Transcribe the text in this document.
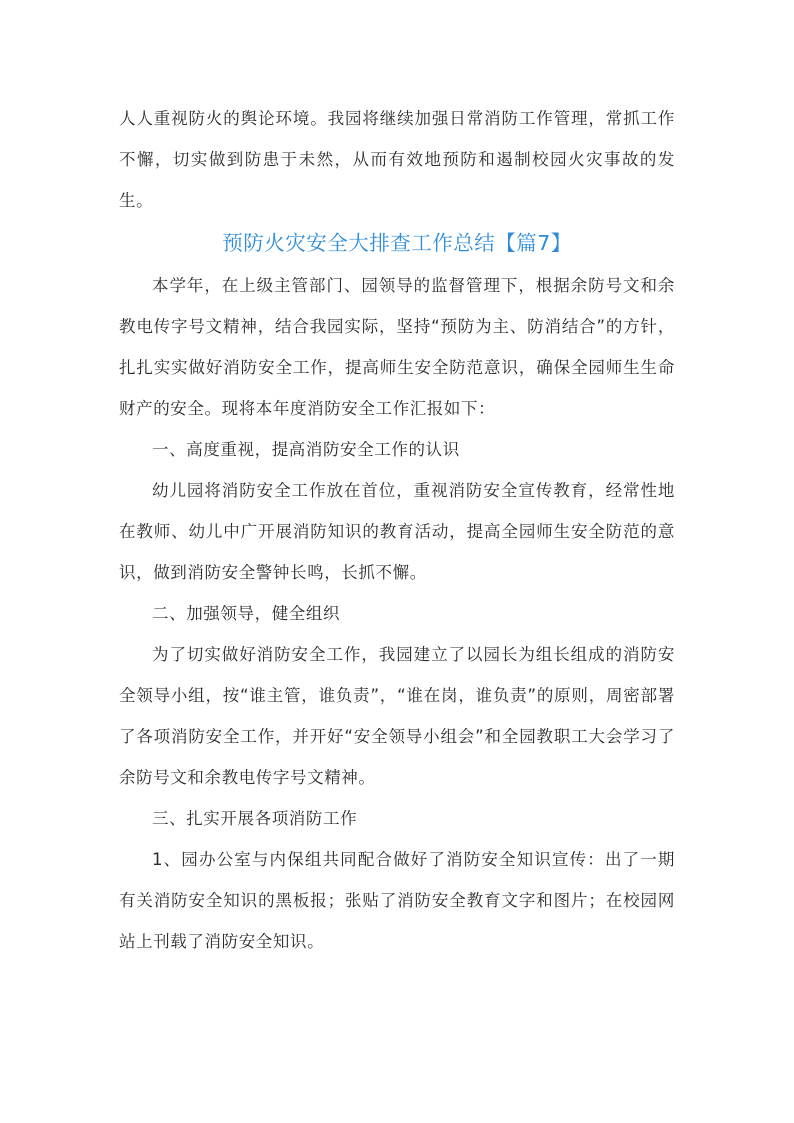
人人重视防火的舆论环境。我园将继续加强日常消防工作管理，常抓工作不懈，切实做到防患于未然，从而有效地预防和遏制校园火灾事故的发生。

预防火灾安全大排查工作总结【篇7】

本学年，在上级主管部门、园领导的监督管理下，根据余防号文和余教电传字号文精神，结合我园实际，坚持“预防为主、防消结合”的方针，扎扎实实做好消防安全工作，提高师生安全防范意识，确保全园师生生命财产的安全。现将本年度消防安全工作汇报如下：

一、高度重视，提高消防安全工作的认识

幼儿园将消防安全工作放在首位，重视消防安全宣传教育，经常性地在教师、幼儿中广开展消防知识的教育活动，提高全园师生安全防范的意识，做到消防安全警钟长鸣，长抓不懈。

二、加强领导，健全组织

为了切实做好消防安全工作，我园建立了以园长为组长组成的消防安全领导小组，按“谁主管，谁负责”，“谁在岗，谁负责”的原则，周密部署了各项消防安全工作，并开好“安全领导小组会”和全园教职工大会学习了余防号文和余教电传字号文精神。

三、扎实开展各项消防工作

1、园办公室与内保组共同配合做好了消防安全知识宣传：出了一期有关消防安全知识的黑板报；张贴了消防安全教育文字和图片；在校园网站上刊载了消防安全知识。
